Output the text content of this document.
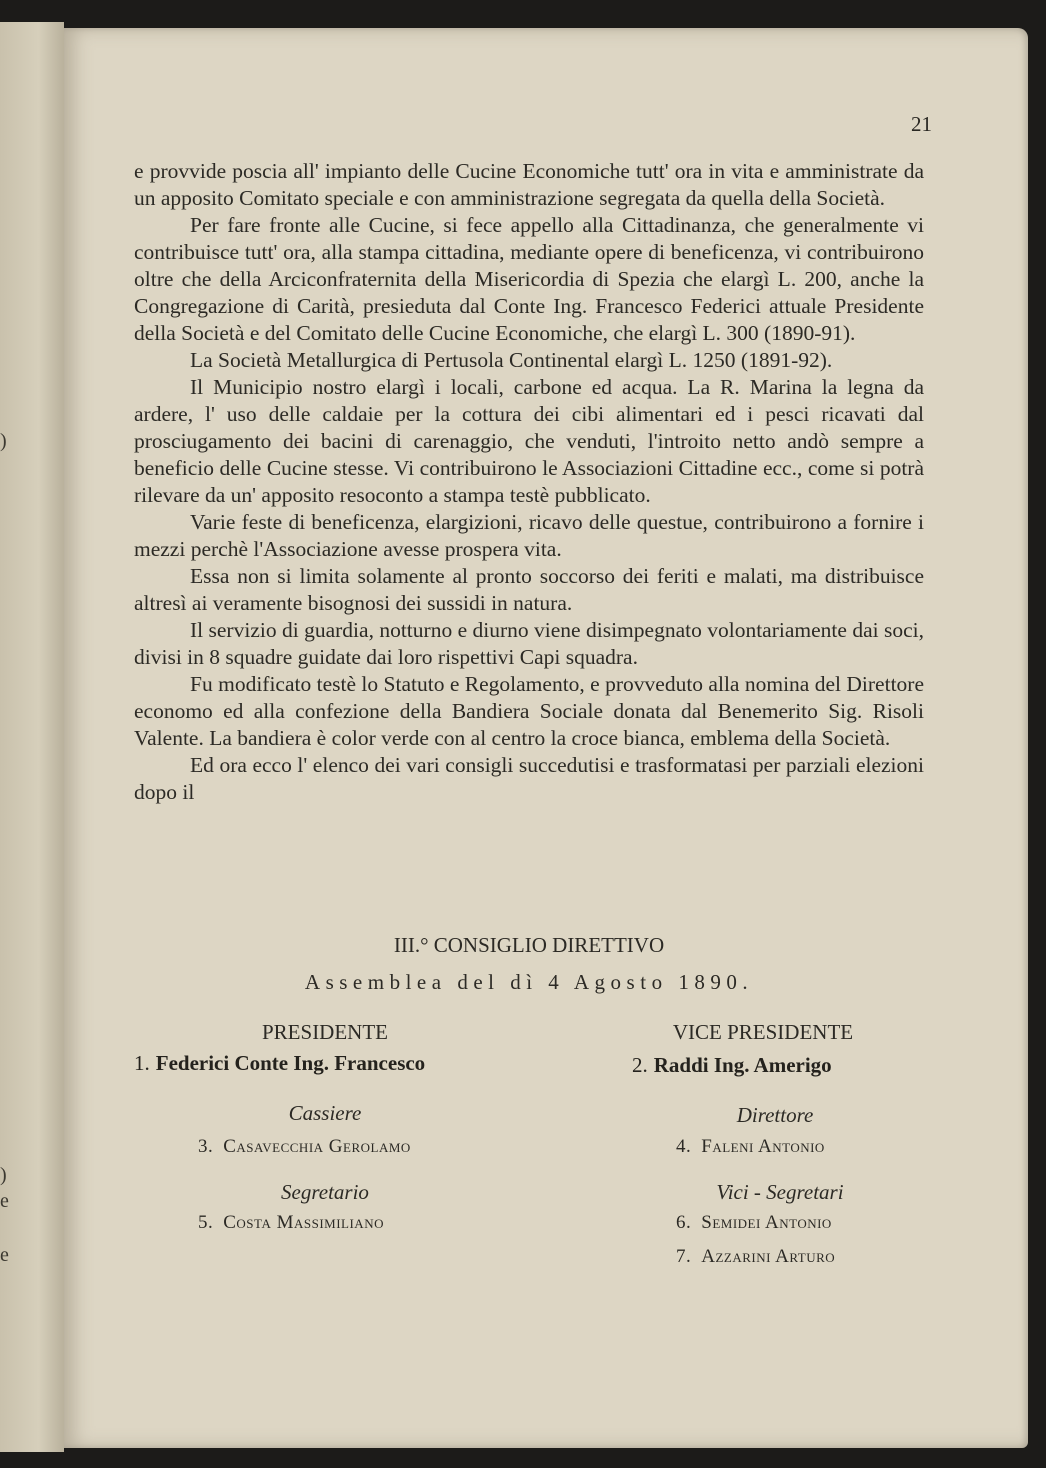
)
)
e
e
21

e provvide poscia all' impianto delle Cucine Economiche tutt' ora in vita e amministrate da un apposito Comitato speciale e con amministrazione segregata da quella della Società.

Per fare fronte alle Cucine, si fece appello alla Cittadinanza, che generalmente vi contribuisce tutt' ora, alla stampa cittadina, mediante opere di beneficenza, vi contribuirono oltre che della Arciconfraternita della Misericordia di Spezia che elargì L. 200, anche la Congregazione di Carità, presieduta dal Conte Ing. Francesco Federici attuale Presidente della Società e del Comitato delle Cucine Economiche, che elargì L. 300 (1890-91).

La Società Metallurgica di Pertusola Continental elargì L. 1250 (1891-92).

Il Municipio nostro elargì i locali, carbone ed acqua. La R. Marina la legna da ardere, l' uso delle caldaie per la cottura dei cibi alimentari ed i pesci ricavati dal prosciugamento dei bacini di carenaggio, che venduti, l'introito netto andò sempre a beneficio delle Cucine stesse. Vi contribuirono le Associazioni Cittadine ecc., come si potrà rilevare da un' apposito resoconto a stampa testè pubblicato.

Varie feste di beneficenza, elargizioni, ricavo delle questue, contribuirono a fornire i mezzi perchè l'Associazione avesse prospera vita.

Essa non si limita solamente al pronto soccorso dei feriti e malati, ma distribuisce altresì ai veramente bisognosi dei sussidi in natura.

Il servizio di guardia, notturno e diurno viene disimpegnato volontariamente dai soci, divisi in 8 squadre guidate dai loro rispettivi Capi squadra.

Fu modificato testè lo Statuto e Regolamento, e provveduto alla nomina del Direttore economo ed alla confezione della Bandiera Sociale donata dal Benemerito Sig. Risoli Valente. La bandiera è color verde con al centro la croce bianca, emblema della Società.

Ed ora ecco l' elenco dei vari consigli succedutisi e trasformatasi per parziali elezioni dopo il

III.° CONSIGLIO DIRETTIVO
Assemblea del dì 4 Agosto 1890.
PRESIDENTE
1. Federici Conte Ing. Francesco
VICE PRESIDENTE
2. Raddi Ing. Amerigo
Cassiere
3. Casavecchia Gerolamo
Direttore
4. Faleni Antonio
Segretario
5. Costa Massimiliano
Vici - Segretari
6. Semidei Antonio
7. Azzarini Arturo
